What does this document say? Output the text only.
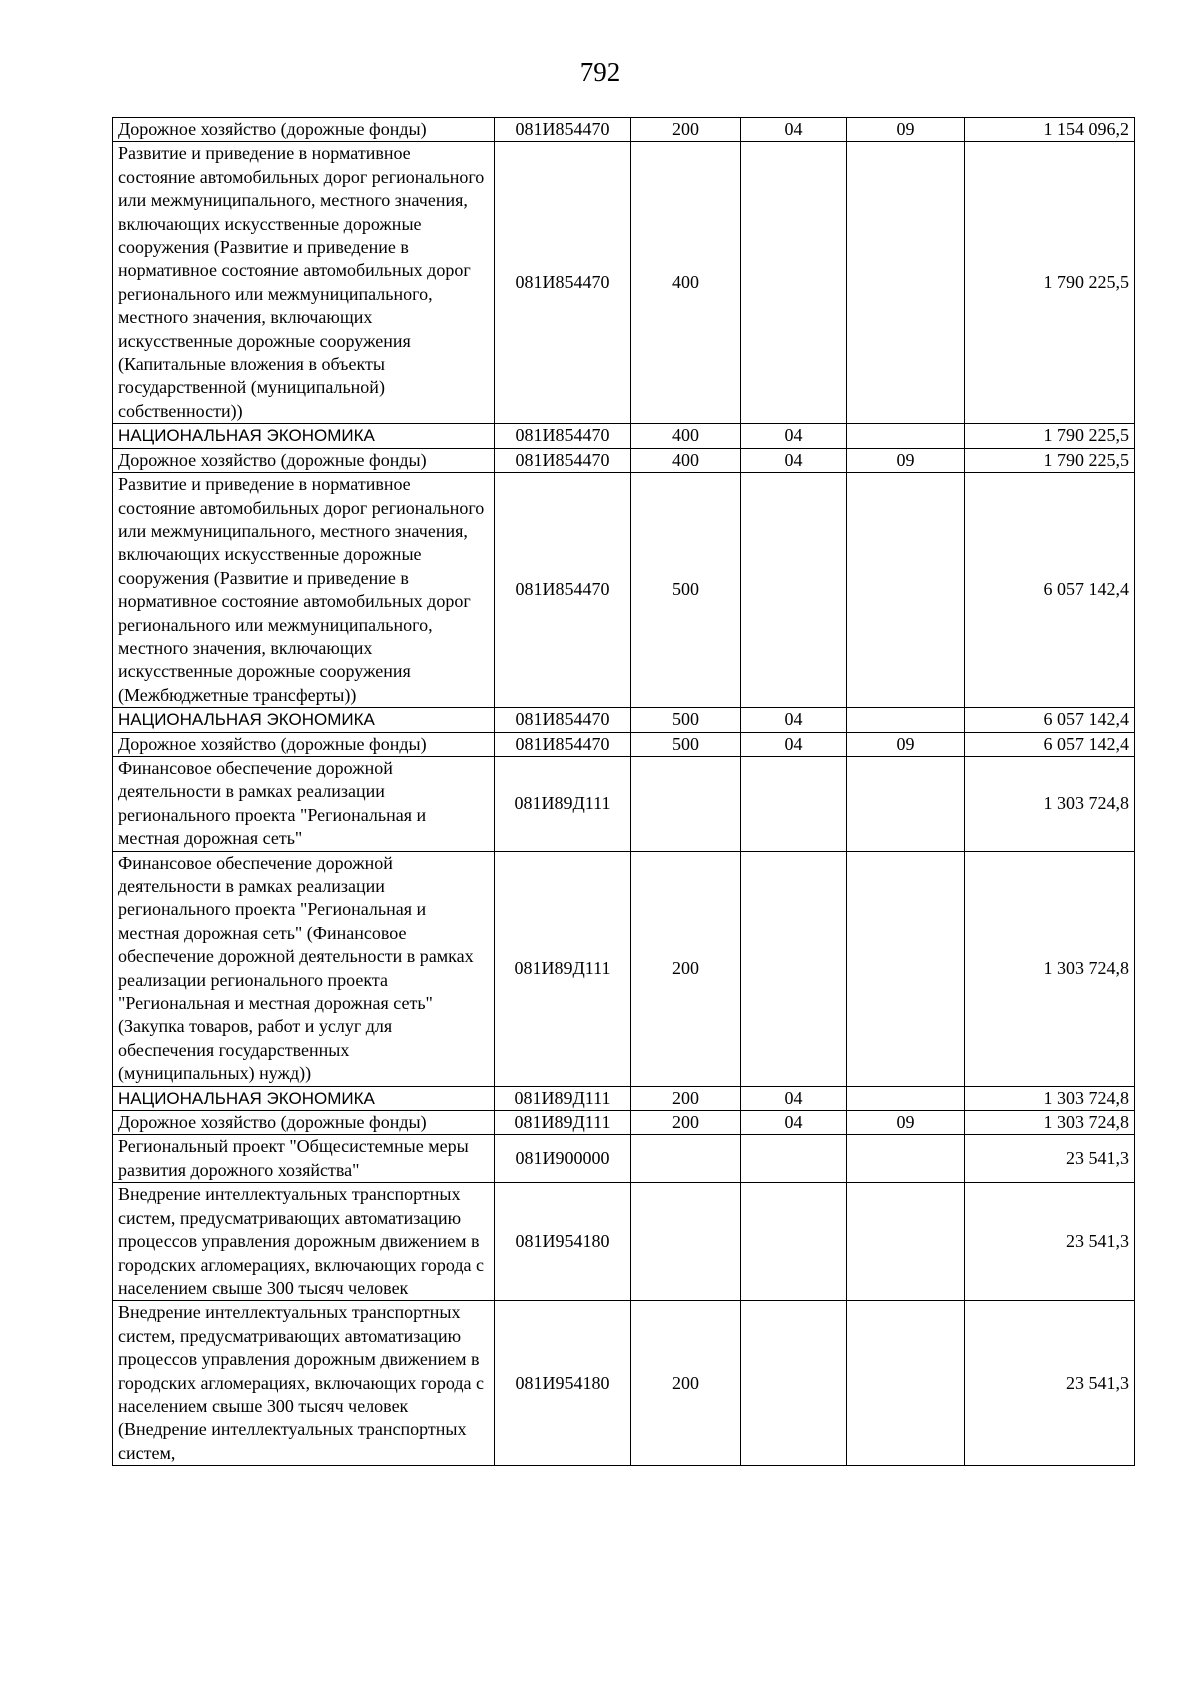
792
Дорожное хозяйство (дорожные фонды)	081И854470	200	04	09	1 154 096,2
Развитие и приведение в нормативное состояние автомобильных дорог регионального или межмуниципального, местного значения, включающих искусственные дорожные сооружения (Развитие и приведение в нормативное состояние автомобильных дорог регионального или межмуниципального, местного значения, включающих искусственные дорожные сооружения (Капитальные вложения в объекты государственной (муниципальной) собственности))	081И854470	400			1 790 225,5
НАЦИОНАЛЬНАЯ ЭКОНОМИКА	081И854470	400	04		1 790 225,5
Дорожное хозяйство (дорожные фонды)	081И854470	400	04	09	1 790 225,5
Развитие и приведение в нормативное состояние автомобильных дорог регионального или межмуниципального, местного значения, включающих искусственные дорожные сооружения (Развитие и приведение в нормативное состояние автомобильных дорог регионального или межмуниципального, местного значения, включающих искусственные дорожные сооружения (Межбюджетные трансферты))	081И854470	500			6 057 142,4
НАЦИОНАЛЬНАЯ ЭКОНОМИКА	081И854470	500	04		6 057 142,4
Дорожное хозяйство (дорожные фонды)	081И854470	500	04	09	6 057 142,4
Финансовое обеспечение дорожной деятельности в рамках реализации регионального проекта "Региональная и местная дорожная сеть"	081И89Д111				1 303 724,8
Финансовое обеспечение дорожной деятельности в рамках реализации регионального проекта "Региональная и местная дорожная сеть" (Финансовое обеспечение дорожной деятельности в рамках реализации регионального проекта "Региональная и местная дорожная сеть" (Закупка товаров, работ и услуг для обеспечения государственных (муниципальных) нужд))	081И89Д111	200			1 303 724,8
НАЦИОНАЛЬНАЯ ЭКОНОМИКА	081И89Д111	200	04		1 303 724,8
Дорожное хозяйство (дорожные фонды)	081И89Д111	200	04	09	1 303 724,8
Региональный проект "Общесистемные меры развития дорожного хозяйства"	081И900000				23 541,3
Внедрение интеллектуальных транспортных систем, предусматривающих автоматизацию процессов управления дорожным движением в городских агломерациях, включающих города с населением свыше 300 тысяч человек	081И954180				23 541,3
Внедрение интеллектуальных транспортных систем, предусматривающих автоматизацию процессов управления дорожным движением в городских агломерациях, включающих города с населением свыше 300 тысяч человек (Внедрение интеллектуальных транспортных систем,	081И954180	200			23 541,3
